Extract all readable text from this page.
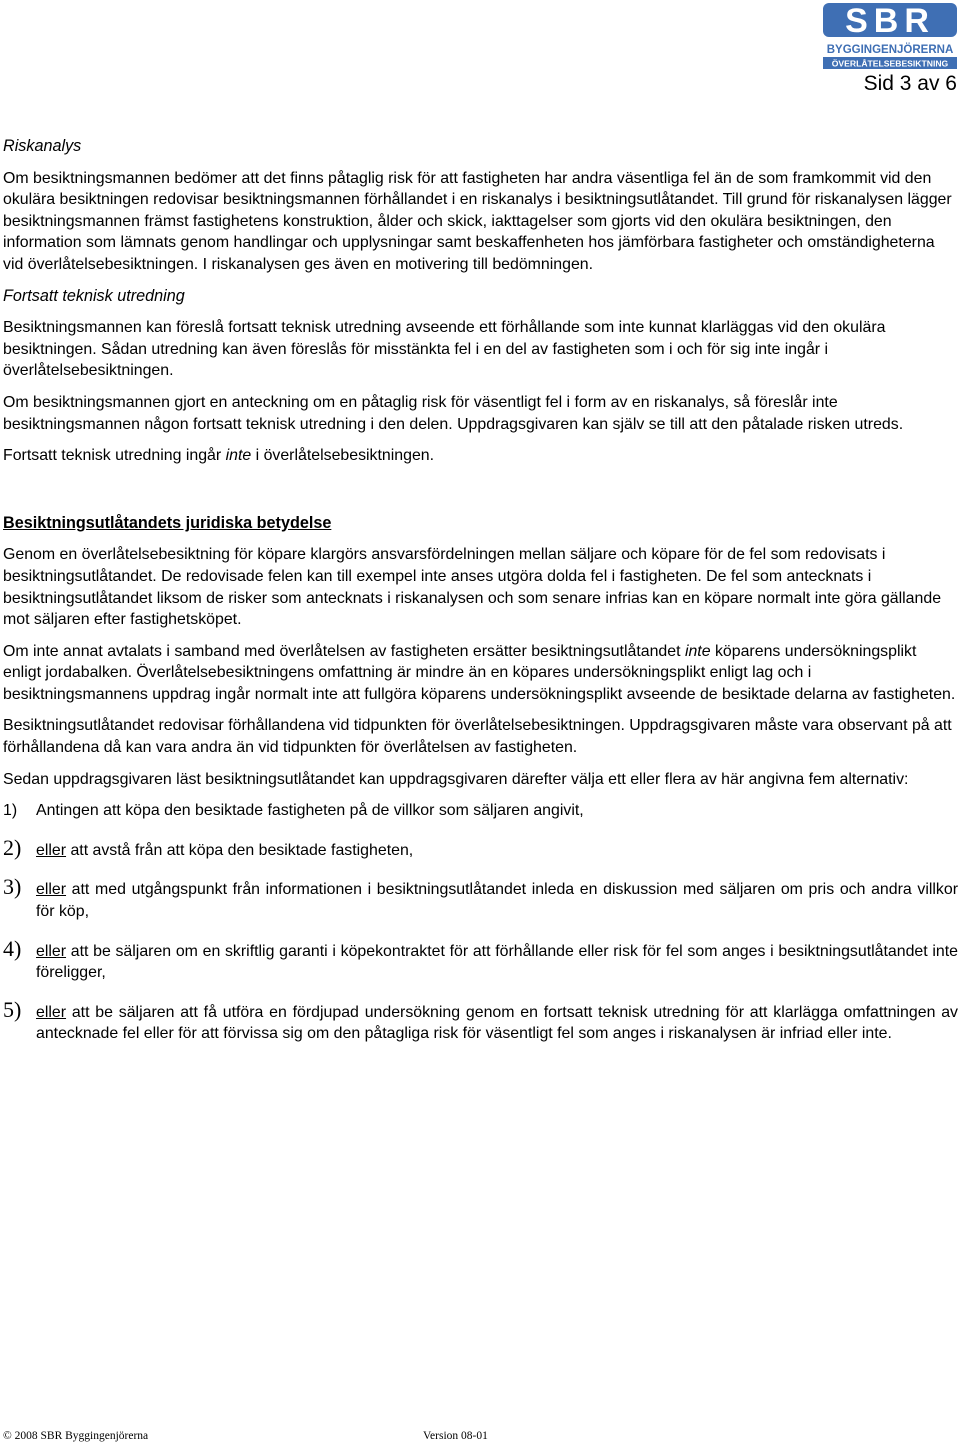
SBR
BYGGINGENJÖRERNA
ÖVERLÅTELSEBESIKTNING
Sid 3 av 6

Riskanalys

Om besiktningsmannen bedömer att det finns påtaglig risk för att fastigheten har andra väsentliga fel än de som framkommit vid den okulära besiktningen redovisar besiktningsmannen förhållandet i en riskanalys i besiktningsutlåtandet. Till grund för riskanalysen lägger besiktningsmannen främst fastighetens konstruktion, ålder och skick, iakttagelser som gjorts vid den okulära besiktningen, den information som lämnats genom handlingar och upplysningar samt beskaffenheten hos jämförbara fastigheter och omständigheterna vid överlåtelsebesiktningen. I riskanalysen ges även en motivering till bedömningen.

Fortsatt teknisk utredning

Besiktningsmannen kan föreslå fortsatt teknisk utredning avseende ett förhållande som inte kunnat klarläggas vid den okulära besiktningen. Sådan utredning kan även föreslås för misstänkta fel i en del av fastigheten som i och för sig inte ingår i överlåtelsebesiktningen.

Om besiktningsmannen gjort en anteckning om en påtaglig risk för väsentligt fel i form av en riskanalys, så föreslår inte besiktningsmannen någon fortsatt teknisk utredning i den delen. Uppdragsgivaren kan själv se till att den påtalade risken utreds.

Fortsatt teknisk utredning ingår inte i överlåtelsebesiktningen.

Besiktningsutlåtandets juridiska betydelse

Genom en överlåtelsebesiktning för köpare klargörs ansvarsfördelningen mellan säljare och köpare för de fel som redovisats i besiktningsutlåtandet. De redovisade felen kan till exempel inte anses utgöra dolda fel i fastigheten. De fel som antecknats i besiktningsutlåtandet liksom de risker som antecknats i riskanalysen och som senare infrias kan en köpare normalt inte göra gällande mot säljaren efter fastighetsköpet.

Om inte annat avtalats i samband med överlåtelsen av fastigheten ersätter besiktningsutlåtandet inte köparens undersökningsplikt enligt jordabalken. Överlåtelsebesiktningens omfattning är mindre än en köpares undersökningsplikt enligt lag och i besiktningsmannens uppdrag ingår normalt inte att fullgöra köparens undersökningsplikt avseende de besiktade delarna av fastigheten.

Besiktningsutlåtandet redovisar förhållandena vid tidpunkten för överlåtelsebesiktningen. Uppdragsgivaren måste vara observant på att förhållandena då kan vara andra än vid tidpunkten för överlåtelsen av fastigheten.

Sedan uppdragsgivaren läst besiktningsutlåtandet kan uppdragsgivaren därefter välja ett eller flera av här angivna fem alternativ:

1) Antingen att köpa den besiktade fastigheten på de villkor som säljaren angivit,
2) eller att avstå från att köpa den besiktade fastigheten,
3) eller att med utgångspunkt från informationen i besiktningsutlåtandet inleda en diskussion med säljaren om pris och andra villkor för köp,
4) eller att be säljaren om en skriftlig garanti i köpekontraktet för att förhållande eller risk för fel som anges i besiktningsutlåtandet inte föreligger,
5) eller att be säljaren att få utföra en fördjupad undersökning genom en fortsatt teknisk utredning för att klarlägga omfattningen av antecknade fel eller för att förvissa sig om den påtagliga risk för väsentligt fel som anges i riskanalysen är infriad eller inte.
© 2008 SBR Byggingenjörerna	Version 08-01
